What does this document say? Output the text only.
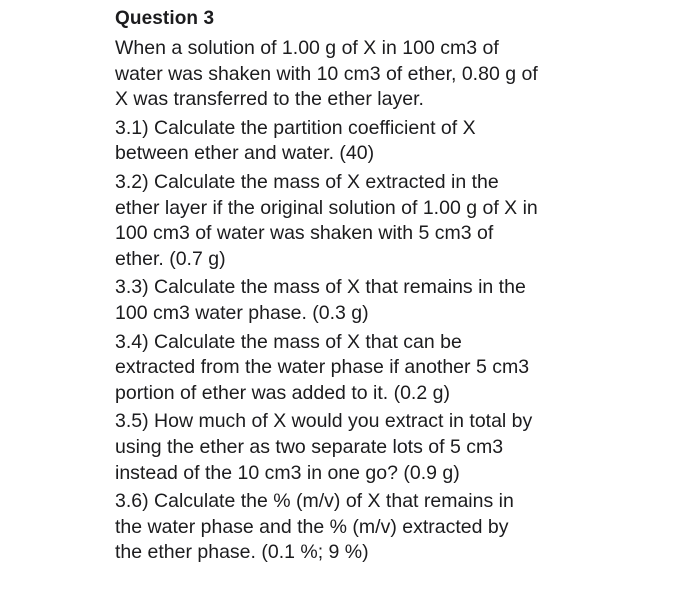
Question 3
When a solution of 1.00 g of X in 100 cm3 of
water was shaken with 10 cm3 of ether, 0.80 g of
X was transferred to the ether layer.
3.1) Calculate the partition coefficient of X
between ether and water. (40)
3.2) Calculate the mass of X extracted in the
ether layer if the original solution of 1.00 g of X in
100 cm3 of water was shaken with 5 cm3 of
ether. (0.7 g)
3.3) Calculate the mass of X that remains in the
100 cm3 water phase. (0.3 g)
3.4) Calculate the mass of X that can be
extracted from the water phase if another 5 cm3
portion of ether was added to it. (0.2 g)
3.5) How much of X would you extract in total by
using the ether as two separate lots of 5 cm3
instead of the 10 cm3 in one go? (0.9 g)
3.6) Calculate the % (m/v) of X that remains in
the water phase and the % (m/v) extracted by
the ether phase. (0.1 %; 9 %)
